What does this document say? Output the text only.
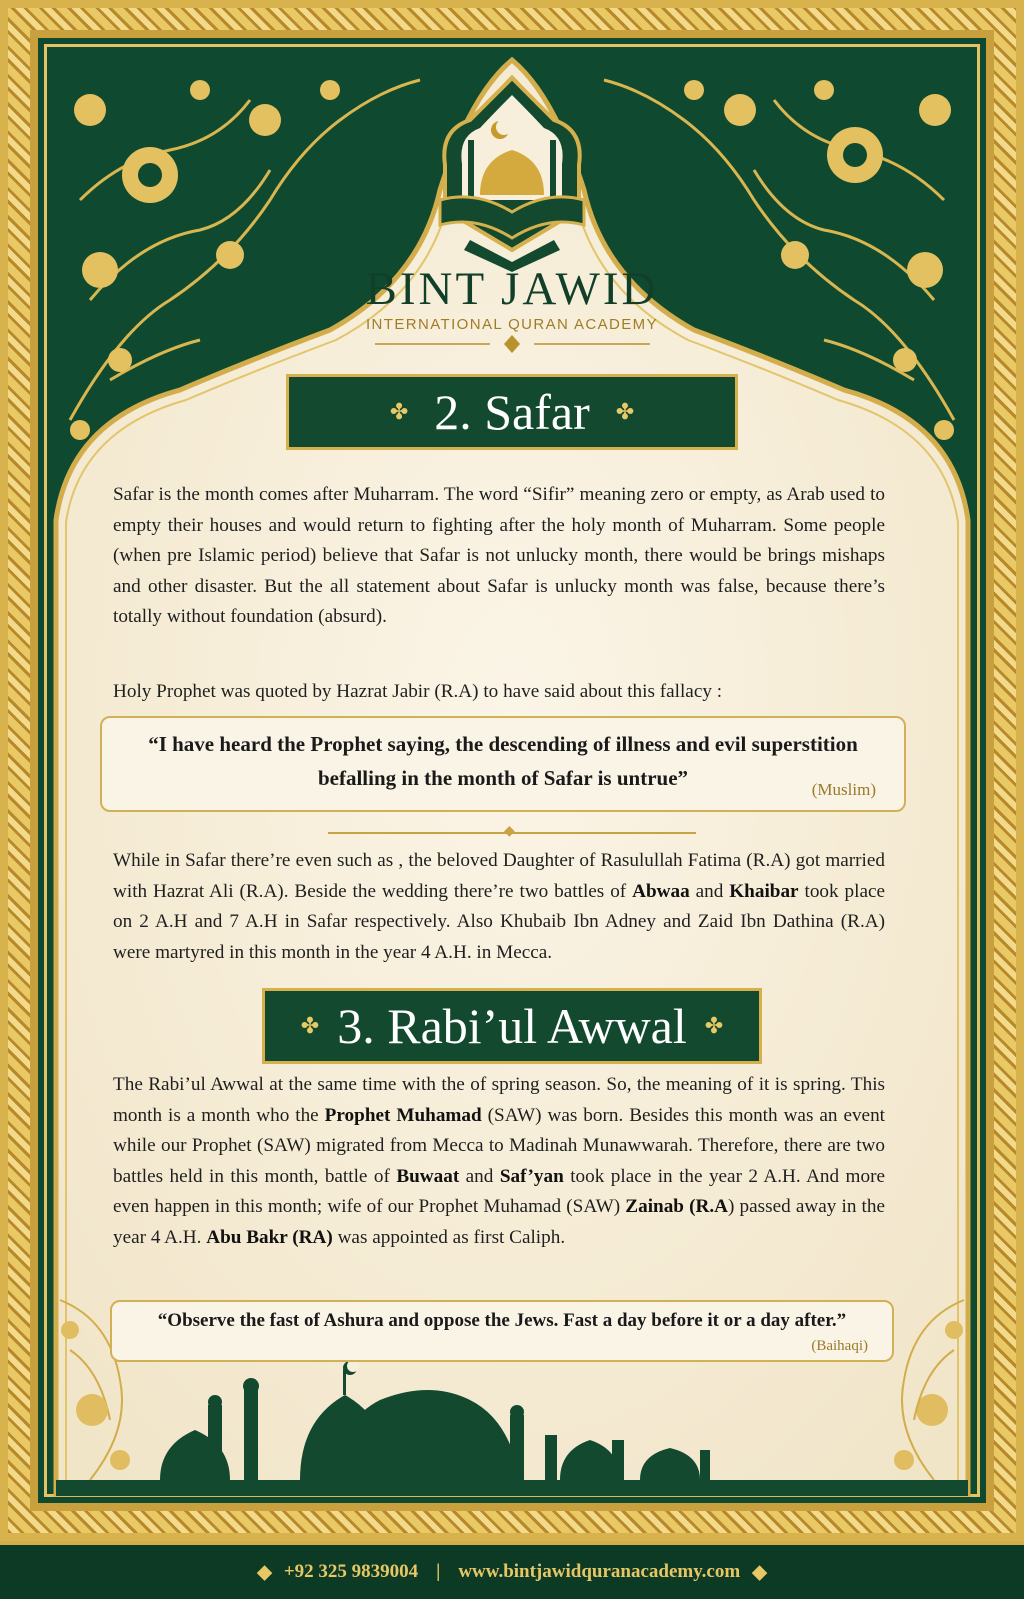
BINT JAWID
INTERNATIONAL QURAN ACADEMY
✤ 2. Safar ✤
Safar is the month comes after Muharram. The word “Sifir” meaning zero or empty, as Arab used to empty their houses and would return to fighting after the holy month of Muharram. Some people (when pre Islamic period) believe that Safar is not unlucky month, there would be brings mishaps and other disaster. But the all statement about Safar is unlucky month was false, because there’s totally without foundation (absurd).
Holy Prophet was quoted by Hazrat Jabir (R.A) to have said about this fallacy :
“I have heard the Prophet saying, the descending of illness and evil superstition
befalling in the month of Safar is untrue”	(Muslim)
◆
While in Safar there’re even such as , the beloved Daughter of Rasulullah Fatima (R.A) got married with Hazrat Ali (R.A). Beside the wedding there’re two battles of Abwaa and Khaibar took place on 2 A.H and 7 A.H in Safar respectively. Also Khubaib Ibn Adney and Zaid Ibn Dathina (R.A) were martyred in this month in the year 4 A.H. in Mecca.
✤ 3. Rabi’ul Awwal ✤
The Rabi’ul Awwal at the same time with the of spring season. So, the meaning of it is spring. This month is a month who the Prophet Muhamad (SAW) was born. Besides this month was an event while our Prophet (SAW) migrated from Mecca to Madinah Munawwarah. Therefore, there are two battles held in this month, battle of Buwaat and Saf’yan took place in the year 2 A.H. And more even happen in this month; wife of our Prophet Muhamad (SAW) Zainab (R.A) passed away in the year 4 A.H. Abu Bakr (RA) was appointed as first Caliph.
“Observe the fast of Ashura and oppose the Jews. Fast a day before it or a day after.”
(Baihaqi)
◆ +92 325 9839004 | www.bintjawidquranacademy.com ◆
